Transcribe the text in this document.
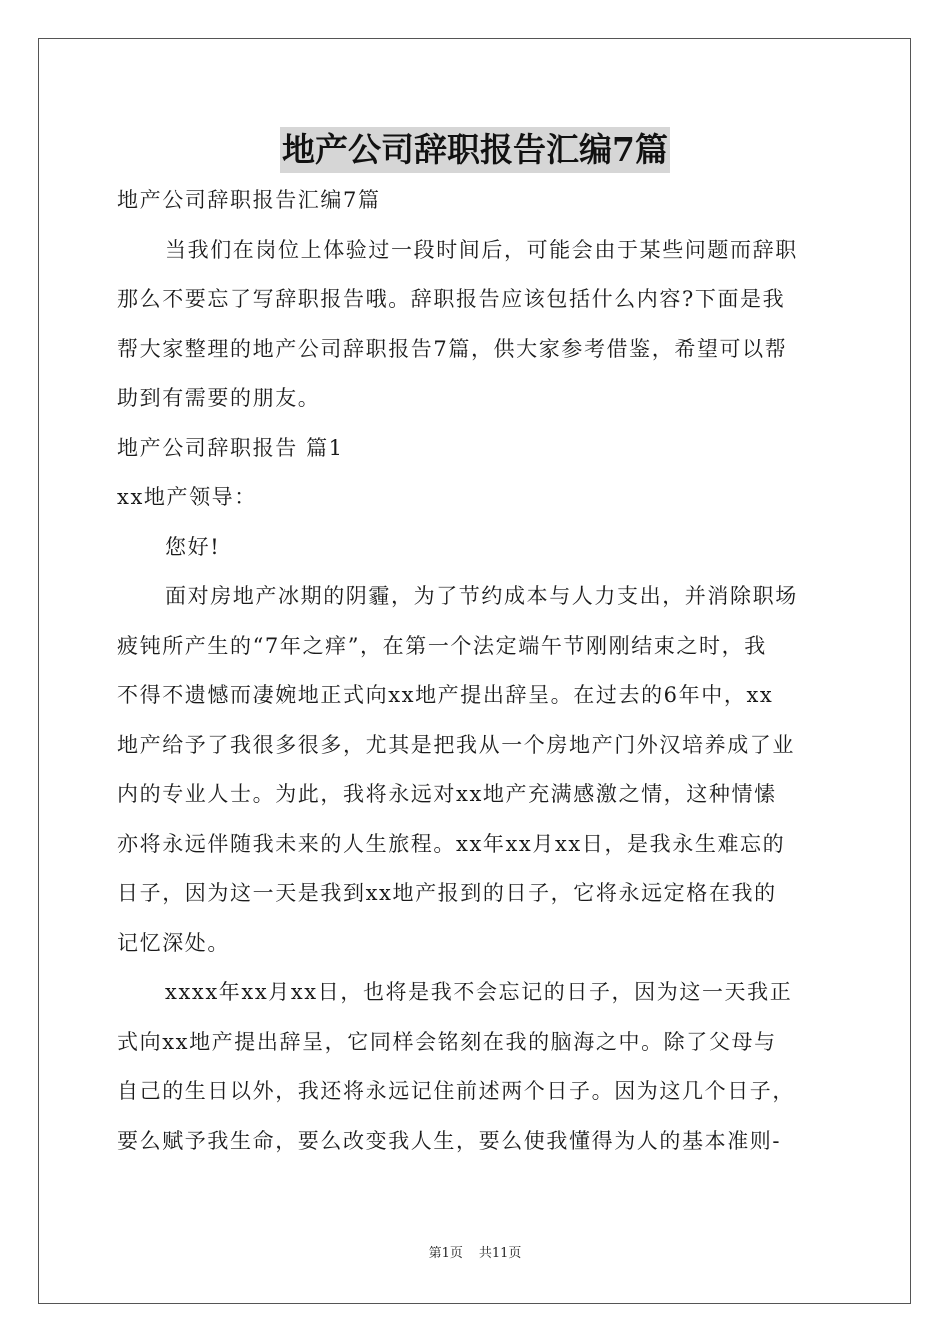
地产公司辞职报告汇编7篇
地产公司辞职报告汇编7篇
当我们在岗位上体验过一段时间后，可能会由于某些问题而辞职
那么不要忘了写辞职报告哦。辞职报告应该包括什么内容?下面是我
帮大家整理的地产公司辞职报告7篇，供大家参考借鉴，希望可以帮
助到有需要的朋友。
地产公司辞职报告 篇1
xx地产领导：
您好!
面对房地产冰期的阴霾，为了节约成本与人力支出，并消除职场
疲钝所产生的“7年之痒”，在第一个法定端午节刚刚结束之时，我
不得不遗憾而凄婉地正式向xx地产提出辞呈。在过去的6年中，xx
地产给予了我很多很多，尤其是把我从一个房地产门外汉培养成了业
内的专业人士。为此，我将永远对xx地产充满感激之情，这种情愫
亦将永远伴随我未来的人生旅程。xx年xx月xx日，是我永生难忘的
日子，因为这一天是我到xx地产报到的日子，它将永远定格在我的
记忆深处。
xxxx年xx月xx日，也将是我不会忘记的日子，因为这一天我正
式向xx地产提出辞呈，它同样会铭刻在我的脑海之中。除了父母与
自己的生日以外，我还将永远记住前述两个日子。因为这几个日子，
要么赋予我生命，要么改变我人生，要么使我懂得为人的基本准则-
第1页 共11页
